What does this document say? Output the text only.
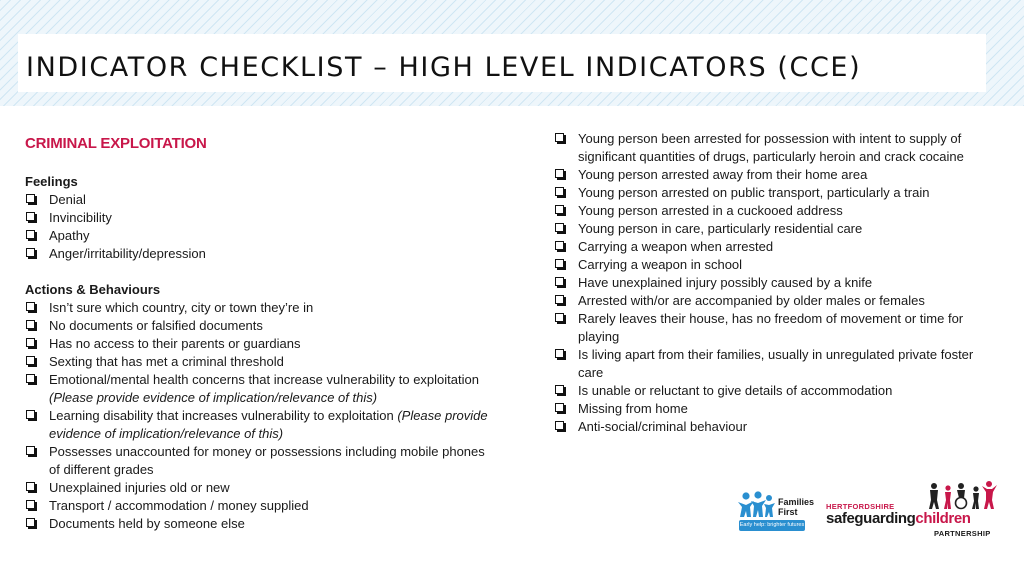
INDICATOR CHECKLIST – HIGH LEVEL INDICATORS (CCE)
CRIMINAL EXPLOITATION
Feelings
Denial
Invincibility
Apathy
Anger/irritability/depression
Actions & Behaviours
Isn’t sure which country, city or town they’re in
No documents or falsified documents
Has no access to their parents or guardians
Sexting that has met a criminal threshold
Emotional/mental health concerns that increase vulnerability to exploitation (Please provide evidence of implication/relevance of this)
Learning disability that increases vulnerability to exploitation (Please provide evidence of implication/relevance of this)
Possesses unaccounted for money or possessions including mobile phones of different grades
Unexplained injuries old or new
Transport / accommodation / money supplied
Documents held by someone else
Young person been arrested for possession with intent to supply of significant quantities of drugs, particularly heroin and crack cocaine
Young person arrested away from their home area
Young person arrested on public transport, particularly a train
Young person arrested in a cuckooed address
Young person in care, particularly residential care
Carrying a weapon when arrested
Carrying a weapon in school
Have unexplained injury possibly caused by a knife
Arrested with/or are accompanied by older males or females
Rarely leaves their house, has no freedom of movement or time for playing
Is living apart from their families, usually in unregulated private foster care
Is unable or reluctant to give details of accommodation
Missing from home
Anti-social/criminal behaviour
Families
First
Early help: brighter futures
HERTFORDSHIRE
safeguardingchildren
PARTNERSHIP
